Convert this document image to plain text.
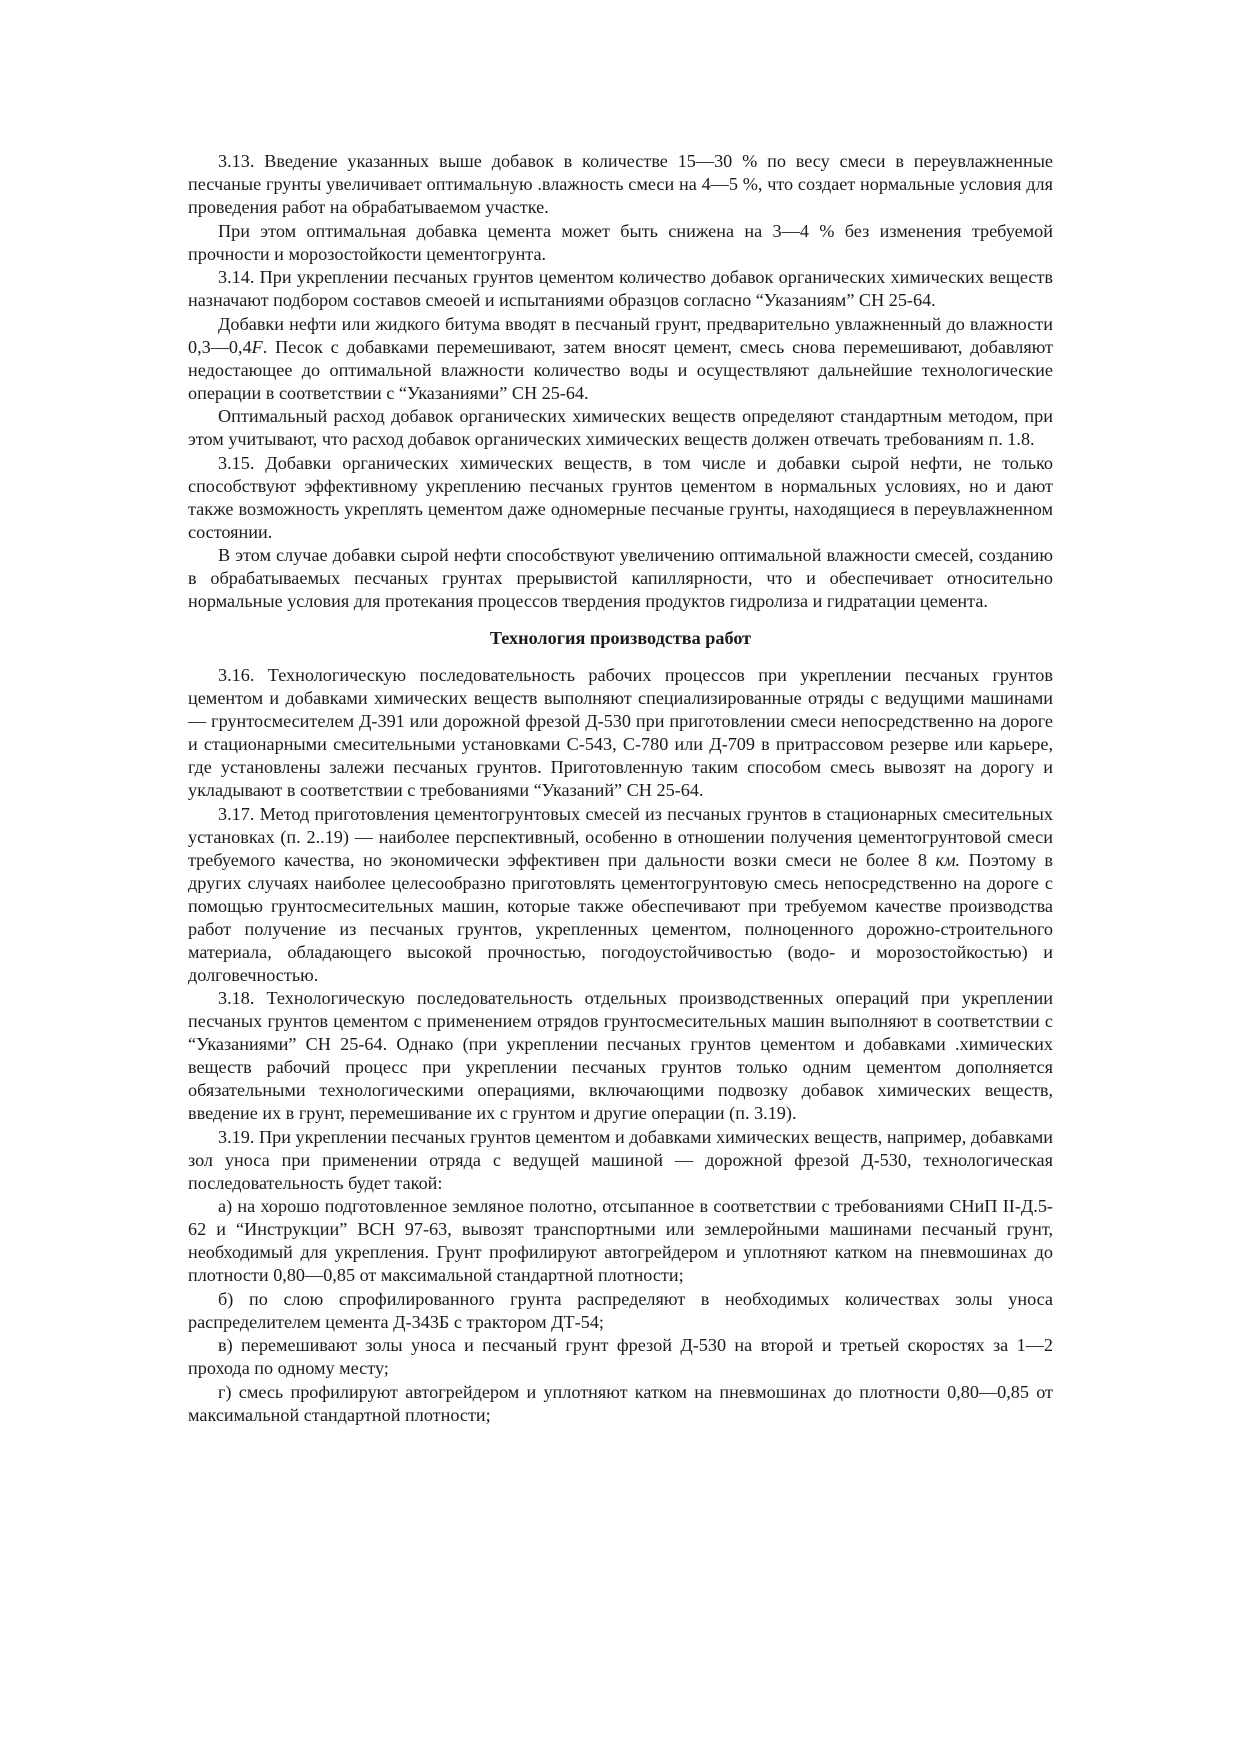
3.13. Введение указанных выше добавок в количестве 15—30 % по весу смеси в переувлажненные песчаные грунты увеличивает оптимальную .влажность смеси на 4—5 %, что создает нормальные условия для проведения работ на обрабатываемом участке.

При этом оптимальная добавка цемента может быть снижена на 3—4 % без изменения требуемой прочности и морозостойкости цементогрунта.

3.14. При укреплении песчаных грунтов цементом количество добавок органических химических веществ назначают подбором составов смеоей и испытаниями образцов согласно “Указаниям” СН 25-64.

Добавки нефти или жидкого битума вводят в песчаный грунт, предварительно увлажненный до влажности 0,3—0,4F. Песок с добавками перемешивают, затем вносят цемент, смесь снова перемешивают, добавляют недостающее до оптимальной влажности количество воды и осуществляют дальнейшие технологические операции в соответствии с “Указаниями” СН 25-64.

Оптимальный расход добавок органических химических веществ определяют стандартным методом, при этом учитывают, что расход добавок органических химических веществ должен отвечать требованиям п. 1.8.

3.15. Добавки органических химических веществ, в том числе и добавки сырой нефти, не только способствуют эффективному укреплению песчаных грунтов цементом в нормальных условиях, но и дают также возможность укреплять цементом даже одномерные песчаные грунты, находящиеся в переувлажненном состоянии.

В этом случае добавки сырой нефти способствуют увеличению оптимальной влажности смесей, созданию в обрабатываемых песчаных грунтах прерывистой капиллярности, что и обеспечивает относительно нормальные условия для протекания процессов твердения продуктов гидролиза и гидратации цемента.

Технология производства работ

3.16. Технологическую последовательность рабочих процессов при укреплении песчаных грунтов цементом и добавками химических веществ выполняют специализированные отряды с ведущими машинами — грунтосмесителем Д-391 или дорожной фрезой Д-530 при приготовлении смеси непосредственно на дороге и стационарными смесительными установками С-543, С-780 или Д-709 в притрассовом резерве или карьере, где установлены залежи песчаных грунтов. Приготовленную таким способом смесь вывозят на дорогу и укладывают в соответствии с требованиями “Указаний” СН 25-64.

3.17. Метод приготовления цементогрунтовых смесей из песчаных грунтов в стационарных смесительных установках (п. 2..19) — наиболее перспективный, особенно в отношении получения цементогрунтовой смеси требуемого качества, но экономически эффективен при дальности возки смеси не более 8 км. Поэтому в других случаях наиболее целесообразно приготовлять цементогрунтовую смесь непосредственно на дороге с помощью грунтосмесительных машин, которые также обеспечивают при требуемом качестве производства работ получение из песчаных грунтов, укрепленных цементом, полноценного дорожно-строительного материала, обладающего высокой прочностью, погодоустойчивостью (водо- и морозостойкостью) и долговечностью.

3.18. Технологическую последовательность отдельных производственных операций при укреплении песчаных грунтов цементом с применением отрядов грунтосмесительных машин выполняют в соответствии с “Указаниями” СН 25-64. Однако (при укреплении песчаных грунтов цементом и добавками .химических веществ рабочий процесс при укреплении песчаных грунтов только одним цементом дополняется обязательными технологическими операциями, включающими подвозку добавок химических веществ, введение их в грунт, перемешивание их с грунтом и другие операции (п. 3.19).

3.19. При укреплении песчаных грунтов цементом и добавками химических веществ, например, добавками зол уноса при применении отряда с ведущей машиной — дорожной фрезой Д-530, технологическая последовательность будет такой:

а) на хорошо подготовленное земляное полотно, отсыпанное в соответствии с требованиями СНиП II-Д.5-62 и “Инструкции” ВСН 97-63, вывозят транспортными или землеройными машинами песчаный грунт, необходимый для укрепления. Грунт профилируют автогрейдером и уплотняют катком на пневмошинах до плотности 0,80—0,85 от максимальной стандартной плотности;

б) по слою спрофилированного грунта распределяют в необходимых количествах золы уноса распределителем цемента Д-343Б с трактором ДТ-54;

в) перемешивают золы уноса и песчаный грунт фрезой Д-530 на второй и третьей скоростях за 1—2 прохода по одному месту;

г) смесь профилируют автогрейдером и уплотняют катком на пневмошинах до плотности 0,80—0,85 от максимальной стандартной плотности;
